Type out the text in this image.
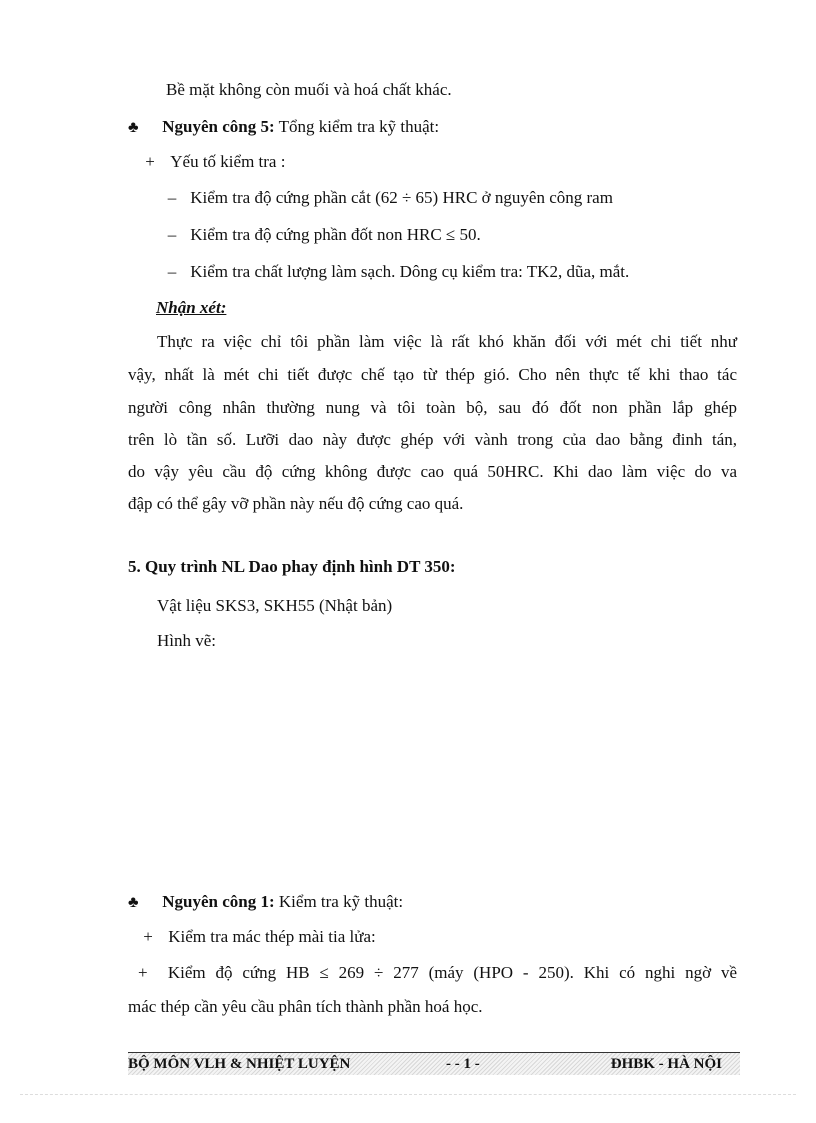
Bề mặt không còn muối và hoá chất khác.
♣ Nguyên công 5: Tổng kiểm tra kỹ thuật:
+ Yếu tố kiểm tra :
– Kiểm tra độ cứng phần cắt (62 ÷ 65) HRC ở nguyên công ram
– Kiểm tra độ cứng phần đốt non HRC ≤ 50.
– Kiểm tra chất lượng làm sạch. Dông cụ kiểm tra: TK2, dũa, mắt.
Nhận xét:
Thực ra việc chỉ tôi phần làm việc là rất khó khăn đối với mét chi tiết như
vậy, nhất là mét chi tiết được chế tạo từ thép gió. Cho nên thực tế khi thao tác
người công nhân thường nung và tôi toàn bộ, sau đó đốt non phần lắp ghép
trên lò tần số. Lưỡi dao này được ghép với vành trong của dao bằng đinh tán,
do vậy yêu cầu độ cứng không được cao quá 50HRC. Khi dao làm việc do va
đập có thể gây vỡ phần này nếu độ cứng cao quá.
5. Quy trình NL Dao phay định hình DT 350:
Vật liệu SKS3, SKH55 (Nhật bản)
Hình vẽ:
♣ Nguyên công 1: Kiểm tra kỹ thuật:
+ Kiểm tra mác thép mài tia lửa:
+ Kiểm độ cứng HB ≤ 269 ÷ 277 (máy (HPO - 250). Khi có nghi ngờ về
mác thép cần yêu cầu phân tích thành phần hoá học.
BỘ MÔN VLH & NHIỆT LUYỆN	- - 1 -	ĐHBK - HÀ NỘI
